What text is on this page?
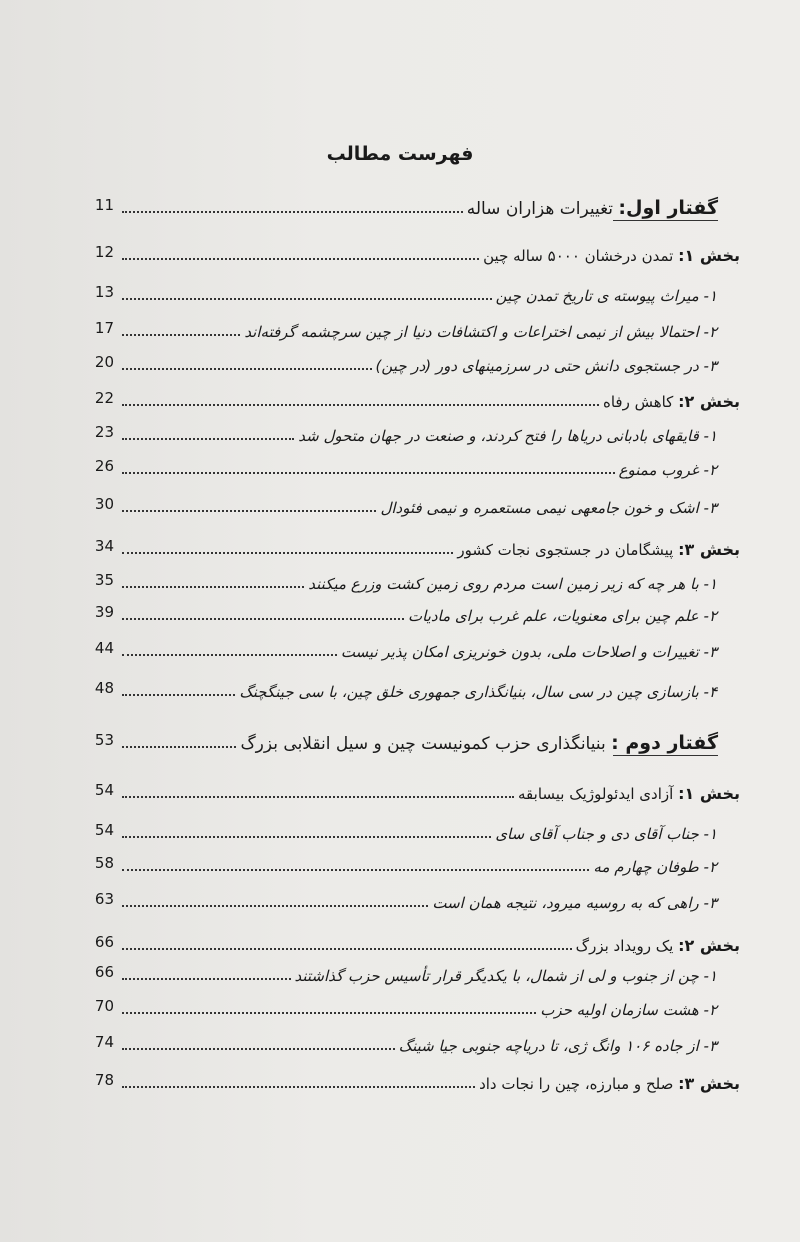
فهرست مطالب
گفتار اول: تغییرات هزاران ساله
11
بخش ۱: تمدن درخشان ۵۰۰۰ ساله چین
12
۱- میراث پیوسته ی تاریخ تمدن چین
13
۲- احتمالا بیش از نیمی اختراعات و اکتشافات دنیا از چین سرچشمه گرفته‌اند
17
۳- در جستجوی دانش حتی در سرزمینهای دور (در چین)
20
بخش ۲: کاهش رفاه
22
۱- قایقهای بادبانی دریاها را فتح کردند، و صنعت در جهان متحول شد
23
۲- غروب ممنوع
26
۳- اشک و خون جامعهی نیمی مستعمره و نیمی فئودال
30
بخش ۳: پیشگامان در جستجوی نجات کشور
34
۱- با هر چه که زیر زمین است مردم روی زمین کشت وزرع میکنند
35
۲- علم چین برای معنویات، علم غرب برای مادیات
39
۳- تغییرات و اصلاحات ملی، بدون خونریزی امکان پذیر نیست
44
۴- بازسازی چین در سی سال، بنیانگذاری جمهوری خلق چین، با سی جینگچنگ
48
گفتار دوم : بنیانگذاری حزب کمونیست چین و سیل انقلابی بزرگ
53
بخش ۱: آزادی ایدئولوژیک بیسابقه
54
۱- جناب آقای دی و جناب آقای سای
54
۲- طوفان چهارم مه
58
۳- راهی که به روسیه میرود، نتیجه همان است
63
بخش ۲: یک رویداد بزرگ
66
۱- چن از جنوب و لی از شمال، با یکدیگر قرار تأسیس حزب گذاشتند
66
۲- هشت سازمان اولیه حزب
70
۳- از جاده ۱۰۶ وانگ ژی، تا دریاچه جنوبی جیا شینگ
74
بخش ۳: صلح و مبارزه، چین را نجات داد
78
